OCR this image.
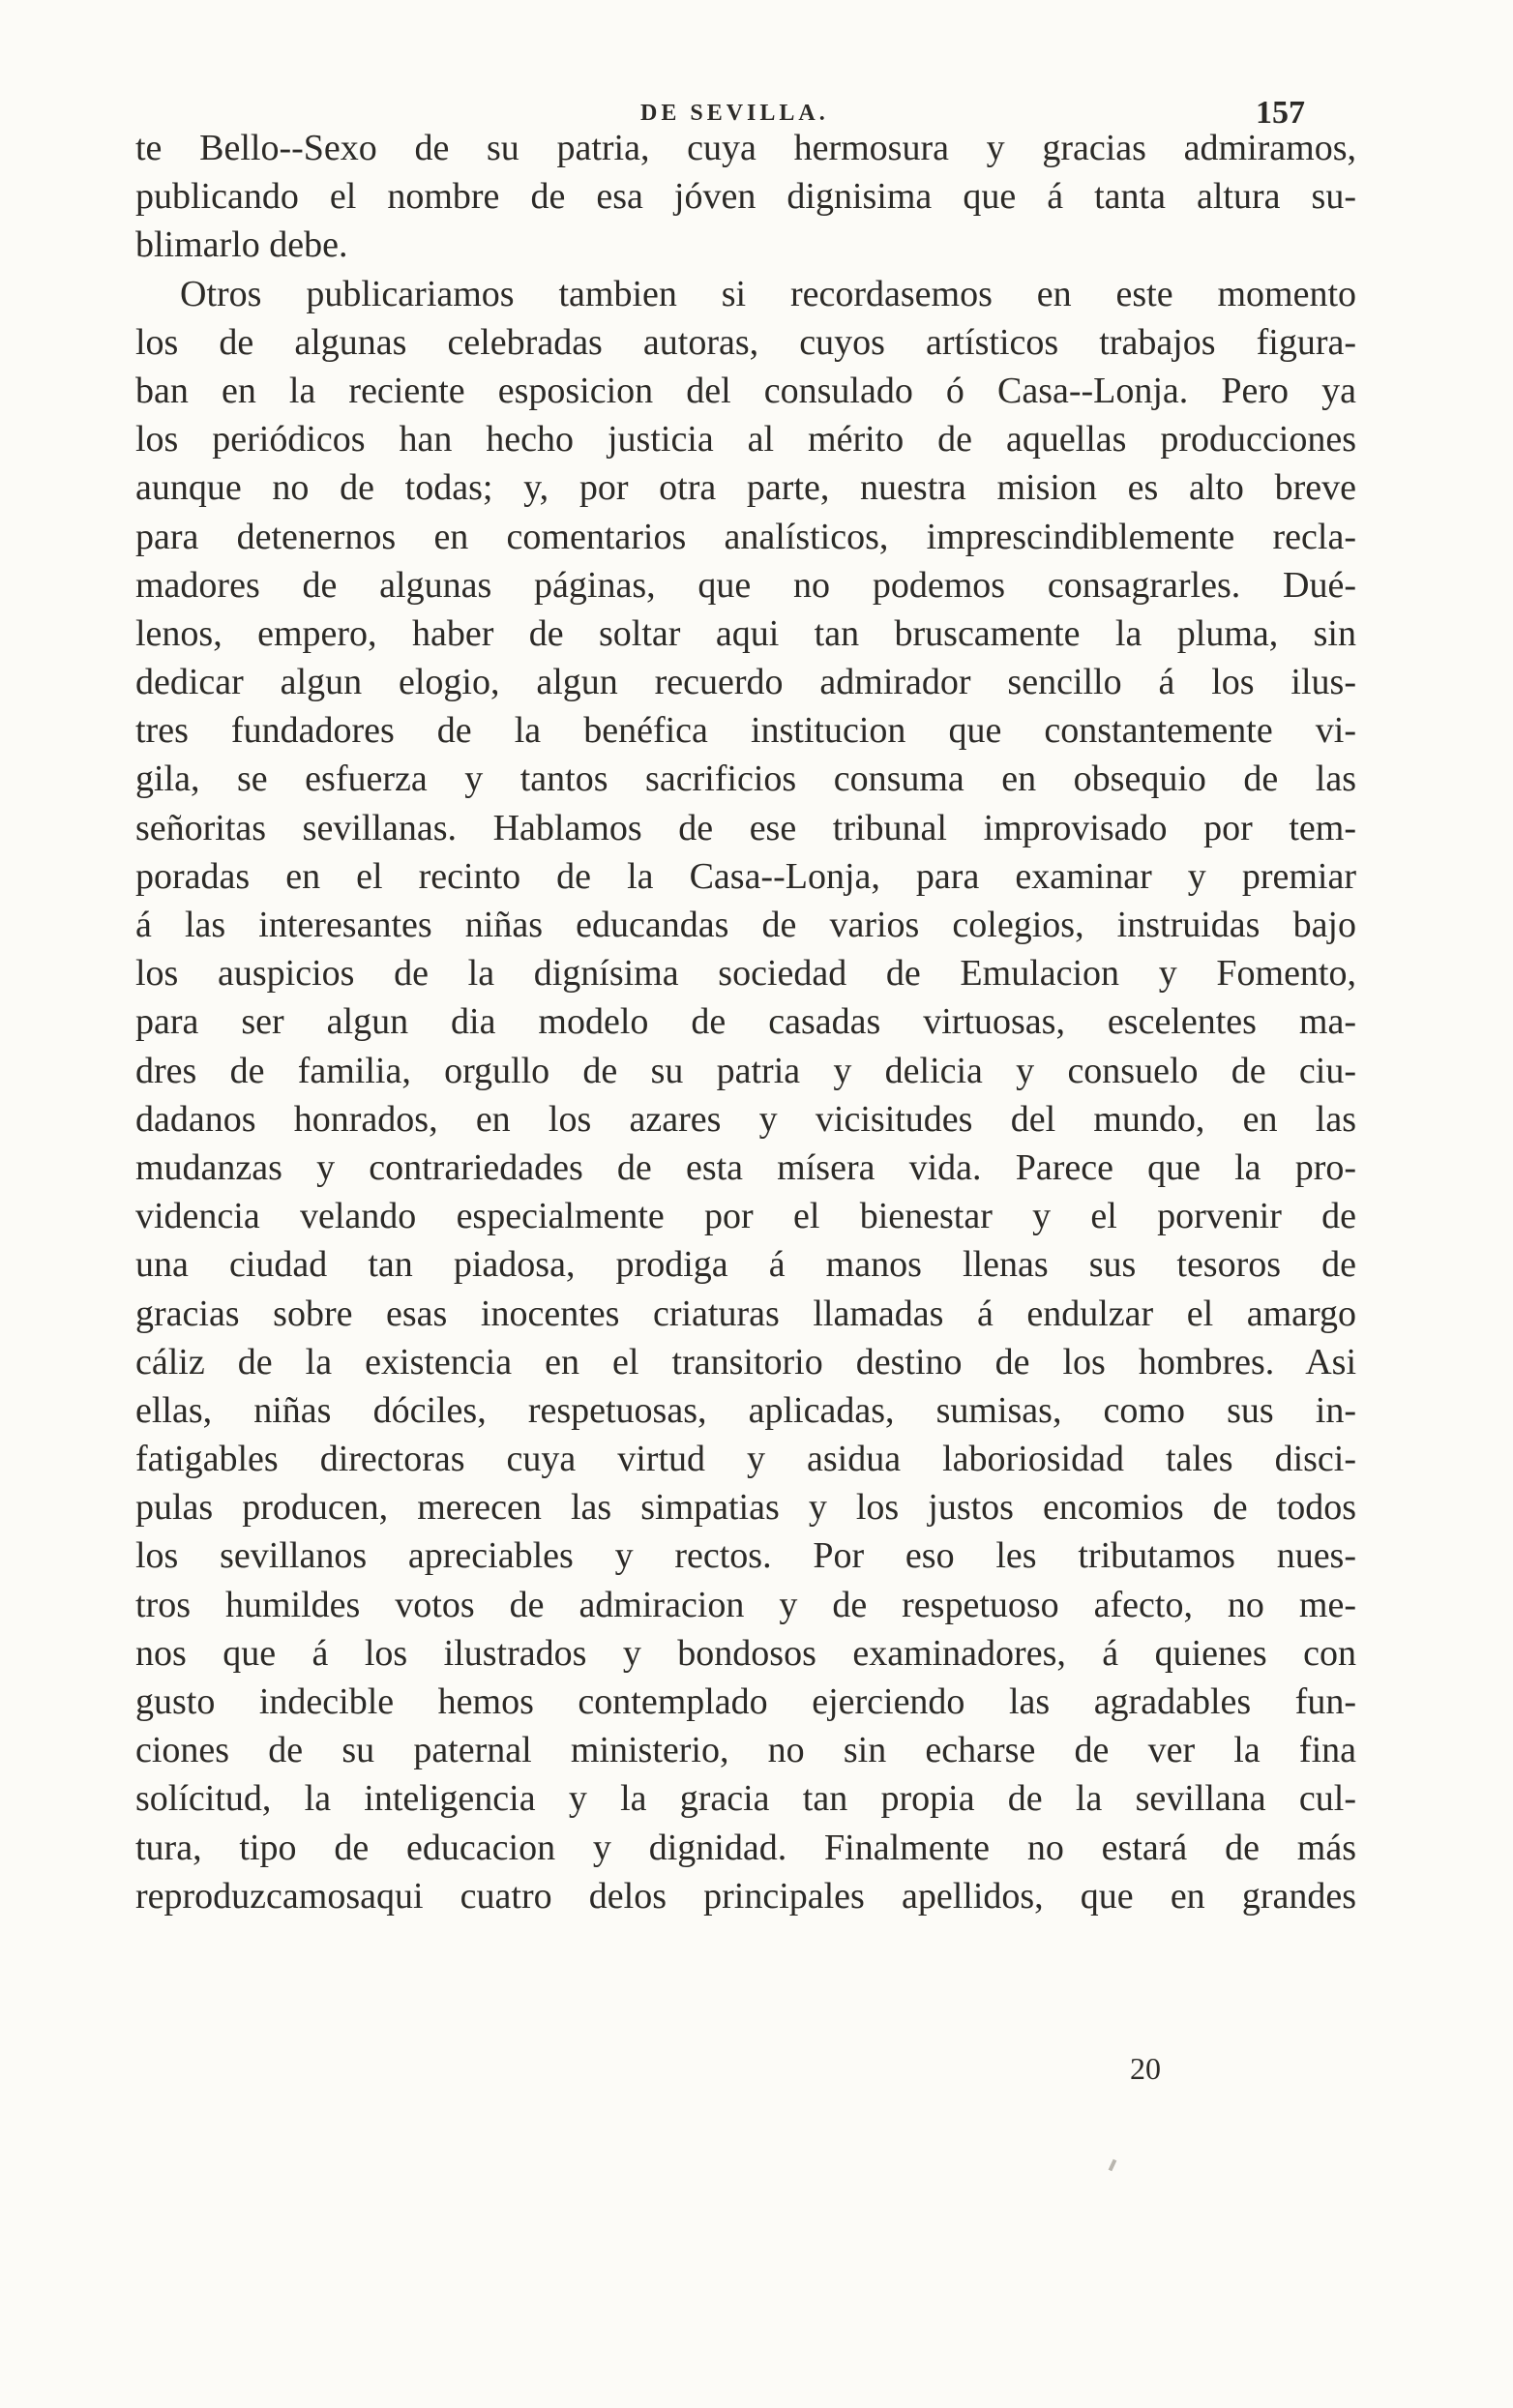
DE SEVILLA.	157
te Bello--Sexo de su patria, cuya hermosura y gracias admiramos,
publicando el nombre de esa jóven dignisima que á tanta altura su-
blimarlo debe.
Otros publicariamos tambien si recordasemos en este momento
los de algunas celebradas autoras, cuyos artísticos trabajos figura-
ban en la reciente esposicion del consulado ó Casa--Lonja. Pero ya
los periódicos han hecho justicia al mérito de aquellas producciones
aunque no de todas; y, por otra parte, nuestra mision es alto breve
para detenernos en comentarios analísticos, imprescindiblemente recla-
madores de algunas páginas, que no podemos consagrarles. Dué-
lenos, empero, haber de soltar aqui tan bruscamente la pluma, sin
dedicar algun elogio, algun recuerdo admirador sencillo á los ilus-
tres fundadores de la benéfica institucion que constantemente vi-
gila, se esfuerza y tantos sacrificios consuma en obsequio de las
señoritas sevillanas. Hablamos de ese tribunal improvisado por tem-
poradas en el recinto de la Casa--Lonja, para examinar y premiar
á las interesantes niñas educandas de varios colegios, instruidas bajo
los auspicios de la dignísima sociedad de Emulacion y Fomento,
para ser algun dia modelo de casadas virtuosas, escelentes ma-
dres de familia, orgullo de su patria y delicia y consuelo de ciu-
dadanos honrados, en los azares y vicisitudes del mundo, en las
mudanzas y contrariedades de esta mísera vida. Parece que la pro-
videncia velando especialmente por el bienestar y el porvenir de
una ciudad tan piadosa, prodiga á manos llenas sus tesoros de
gracias sobre esas inocentes criaturas llamadas á endulzar el amargo
cáliz de la existencia en el transitorio destino de los hombres. Asi
ellas, niñas dóciles, respetuosas, aplicadas, sumisas, como sus in-
fatigables directoras cuya virtud y asidua laboriosidad tales disci-
pulas producen, merecen las simpatias y los justos encomios de todos
los sevillanos apreciables y rectos. Por eso les tributamos nues-
tros humildes votos de admiracion y de respetuoso afecto, no me-
nos que á los ilustrados y bondosos examinadores, á quienes con
gusto indecible hemos contemplado ejerciendo las agradables fun-
ciones de su paternal ministerio, no sin echarse de ver la fina
solícitud, la inteligencia y la gracia tan propia de la sevillana cul-
tura, tipo de educacion y dignidad. Finalmente no estará de más
reproduzcamosaqui cuatro delos principales apellidos, que en grandes
20
